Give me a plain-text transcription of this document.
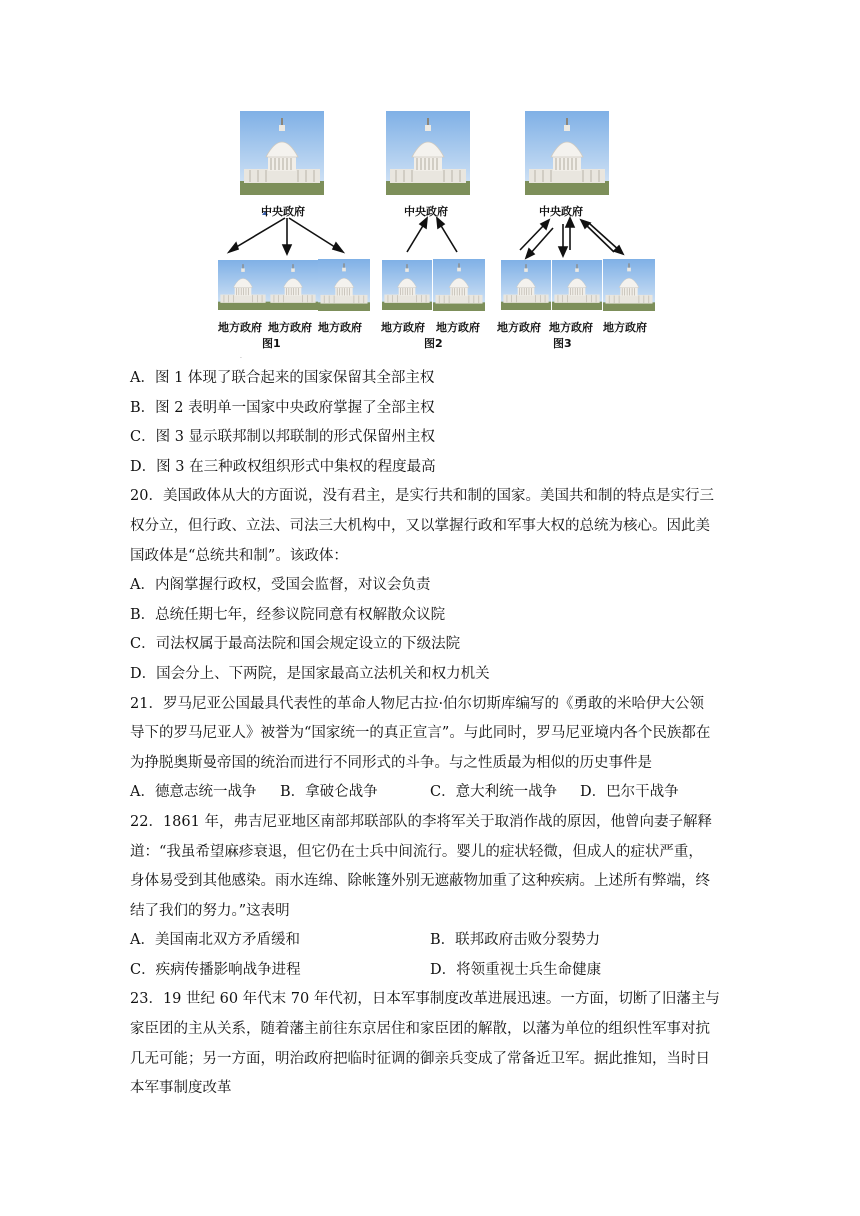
.
中央政府
地方政府 地方政府 地方政府
图1
中央政府
地方政府 地方政府
图2
中央政府
地方政府 地方政府 地方政府
图3
A．图 1 体现了联合起来的国家保留其全部主权
B．图 2 表明单一国家中央政府掌握了全部主权
C．图 3 显示联邦制以邦联制的形式保留州主权
D．图 3 在三种政权组织形式中集权的程度最高
20．美国政体从大的方面说，没有君主，是实行共和制的国家。美国共和制的特点是实行三
权分立，但行政、立法、司法三大机构中，又以掌握行政和军事大权的总统为核心。因此美
国政体是“总统共和制”。该政体：
A．内阁掌握行政权，受国会监督，对议会负责
B．总统任期七年，经参议院同意有权解散众议院
C．司法权属于最高法院和国会规定设立的下级法院
D．国会分上、下两院，是国家最高立法机关和权力机关
21．罗马尼亚公国最具代表性的革命人物尼古拉·伯尔切斯库编写的《勇敢的米哈伊大公领
导下的罗马尼亚人》被誉为“国家统一的真正宣言”。与此同时，罗马尼亚境内各个民族都在
为挣脱奥斯曼帝国的统治而进行不同形式的斗争。与之性质最为相似的历史事件是
A．德意志统一战争	B．拿破仑战争	C．意大利统一战争	D．巴尔干战争
22．1861 年，弗吉尼亚地区南部邦联部队的李将军关于取消作战的原因，他曾向妻子解释
道：“我虽希望麻疹衰退，但它仍在士兵中间流行。婴儿的症状轻微，但成人的症状严重，
身体易受到其他感染。雨水连绵、除帐篷外别无遮蔽物加重了这种疾病。上述所有弊端，终
结了我们的努力。”这表明
A．美国南北双方矛盾缓和	B．联邦政府击败分裂势力
C．疾病传播影响战争进程	D．将领重视士兵生命健康
23．19 世纪 60 年代末 70 年代初，日本军事制度改革进展迅速。一方面，切断了旧藩主与
家臣团的主从关系，随着藩主前往东京居住和家臣团的解散，以藩为单位的组织性军事对抗
几无可能；另一方面，明治政府把临时征调的御亲兵变成了常备近卫军。据此推知，当时日
本军事制度改革
